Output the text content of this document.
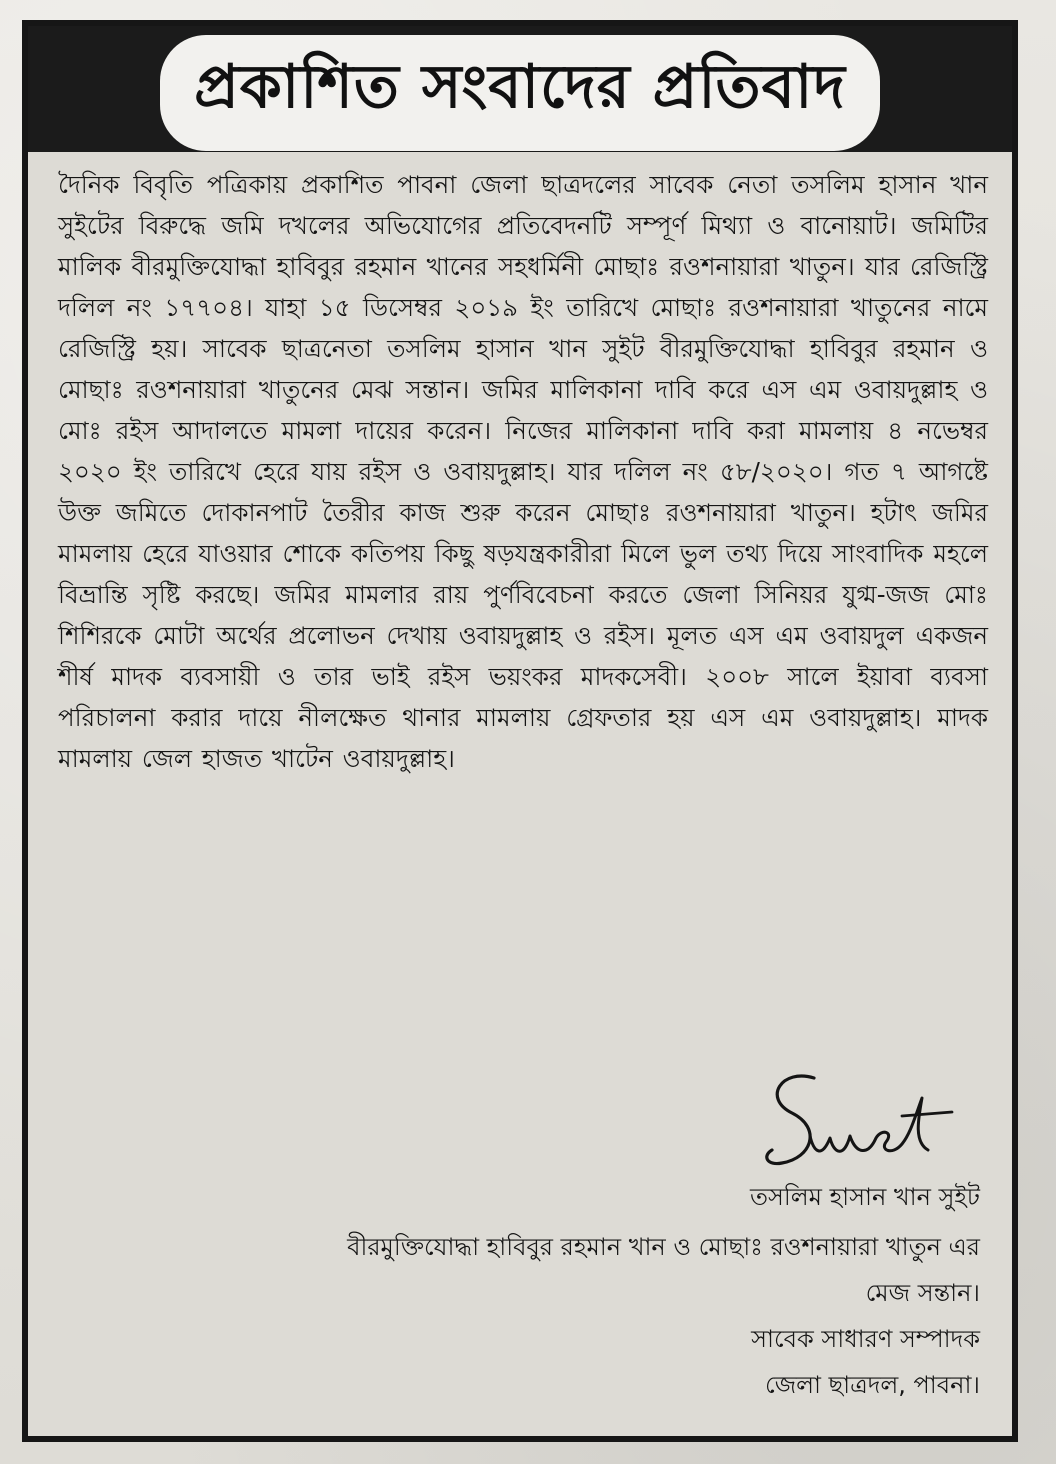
প্রকাশিত সংবাদের প্রতিবাদ

দৈনিক বিবৃতি পত্রিকায় প্রকাশিত পাবনা জেলা ছাত্রদলের সাবেক নেতা তসলিম হাসান খান সুইটের বিরুদ্ধে জমি দখলের অভিযোগের প্রতিবেদনটি সম্পূর্ণ মিথ্যা ও বানোয়াট। জমিটির মালিক বীরমুক্তিযোদ্ধা হাবিবুর রহমান খানের সহধর্মিনী মোছাঃ রওশনায়ারা খাতুন। যার রেজিস্ট্রি দলিল নং ১৭৭০৪। যাহা ১৫ ডিসেম্বর ২০১৯ ইং তারিখে মোছাঃ রওশনায়ারা খাতুনের নামে রেজিস্ট্রি হয়। সাবেক ছাত্রনেতা তসলিম হাসান খান সুইট বীরমুক্তিযোদ্ধা হাবিবুর রহমান ও মোছাঃ রওশনায়ারা খাতুনের মেঝ সন্তান। জমির মালিকানা দাবি করে এস এম ওবায়দুল্লাহ ও মোঃ রইস আদালতে মামলা দায়ের করেন। নিজের মালিকানা দাবি করা মামলায় ৪ নভেম্বর ২০২০ ইং তারিখে হেরে যায় রইস ও ওবায়দুল্লাহ। যার দলিল নং ৫৮/২০২০। গত ৭ আগষ্টে উক্ত জমিতে দোকানপাট তৈরীর কাজ শুরু করেন মোছাঃ রওশনায়ারা খাতুন। হটাৎ জমির মামলায় হেরে যাওয়ার শোকে কতিপয় কিছু ষড়যন্ত্রকারীরা মিলে ভুল তথ্য দিয়ে সাংবাদিক মহলে বিভ্রান্তি সৃষ্টি করছে। জমির মামলার রায় পুর্ণবিবেচনা করতে জেলা সিনিয়র যুগ্ম-জজ মোঃ শিশিরকে মোটা অর্থের প্রলোভন দেখায় ওবায়দুল্লাহ ও রইস। মূলত এস এম ওবায়দুল একজন শীর্ষ মাদক ব্যবসায়ী ও তার ভাই রইস ভয়ংকর মাদকসেবী। ২০০৮ সালে ইয়াবা ব্যবসা পরিচালনা করার দায়ে নীলক্ষেত থানার মামলায় গ্রেফতার হয় এস এম ওবায়দুল্লাহ। মাদক মামলায় জেল হাজত খাটেন ওবায়দুল্লাহ।

তসলিম হাসান খান সুইট
বীরমুক্তিযোদ্ধা হাবিবুর রহমান খান ও মোছাঃ রওশনায়ারা খাতুন এর
মেজ সন্তান।
সাবেক সাধারণ সম্পাদক
জেলা ছাত্রদল, পাবনা।
